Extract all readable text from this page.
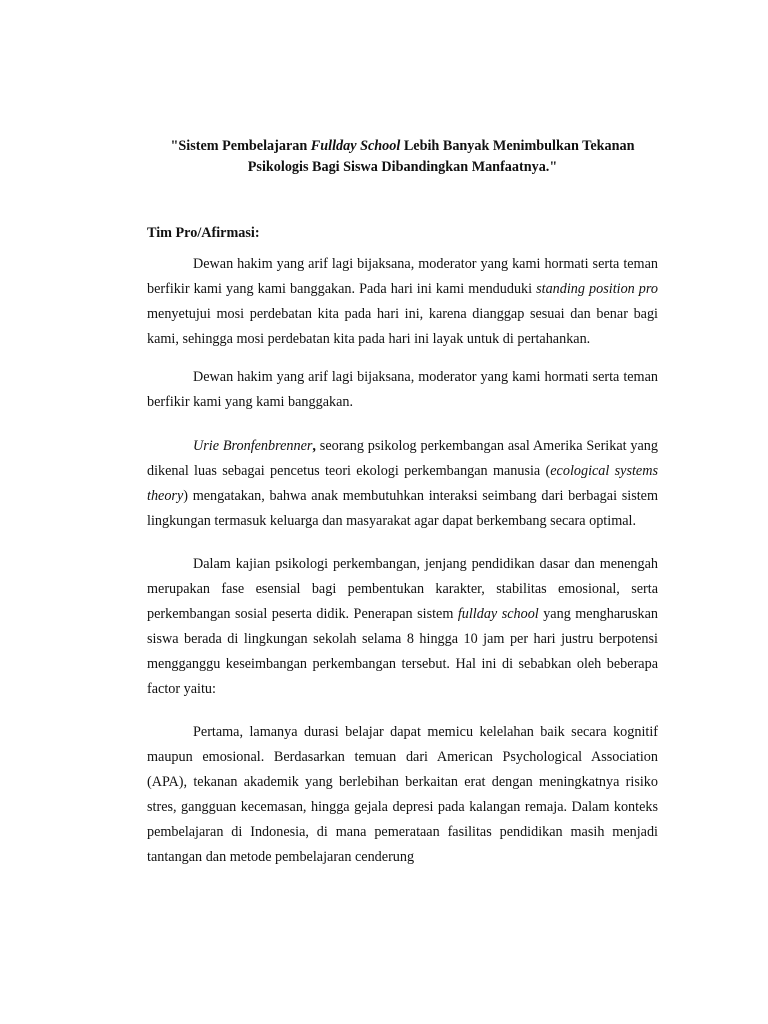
"Sistem Pembelajaran Fullday School Lebih Banyak Menimbulkan Tekanan
Psikologis Bagi Siswa Dibandingkan Manfaatnya."

Tim Pro/Afirmasi:

Dewan hakim yang arif lagi bijaksana, moderator yang kami hormati serta teman berfikir kami yang kami banggakan. Pada hari ini kami menduduki standing position pro menyetujui mosi perdebatan kita pada hari ini, karena dianggap sesuai dan benar bagi kami, sehingga mosi perdebatan kita pada hari ini layak untuk di pertahankan.

Dewan hakim yang arif lagi bijaksana, moderator yang kami hormati serta teman berfikir kami yang kami banggakan.

Urie Bronfenbrenner, seorang psikolog perkembangan asal Amerika Serikat yang dikenal luas sebagai pencetus teori ekologi perkembangan manusia (ecological systems theory) mengatakan, bahwa anak membutuhkan interaksi seimbang dari berbagai sistem lingkungan termasuk keluarga dan masyarakat agar dapat berkembang secara optimal.

Dalam kajian psikologi perkembangan, jenjang pendidikan dasar dan menengah merupakan fase esensial bagi pembentukan karakter, stabilitas emosional, serta perkembangan sosial peserta didik. Penerapan sistem fullday school yang mengharuskan siswa berada di lingkungan sekolah selama 8 hingga 10 jam per hari justru berpotensi mengganggu keseimbangan perkembangan tersebut. Hal ini di sebabkan oleh beberapa factor yaitu:

Pertama, lamanya durasi belajar dapat memicu kelelahan baik secara kognitif maupun emosional. Berdasarkan temuan dari American Psychological Association (APA), tekanan akademik yang berlebihan berkaitan erat dengan meningkatnya risiko stres, gangguan kecemasan, hingga gejala depresi pada kalangan remaja. Dalam konteks pembelajaran di Indonesia, di mana pemerataan fasilitas pendidikan masih menjadi tantangan dan metode pembelajaran cenderung
